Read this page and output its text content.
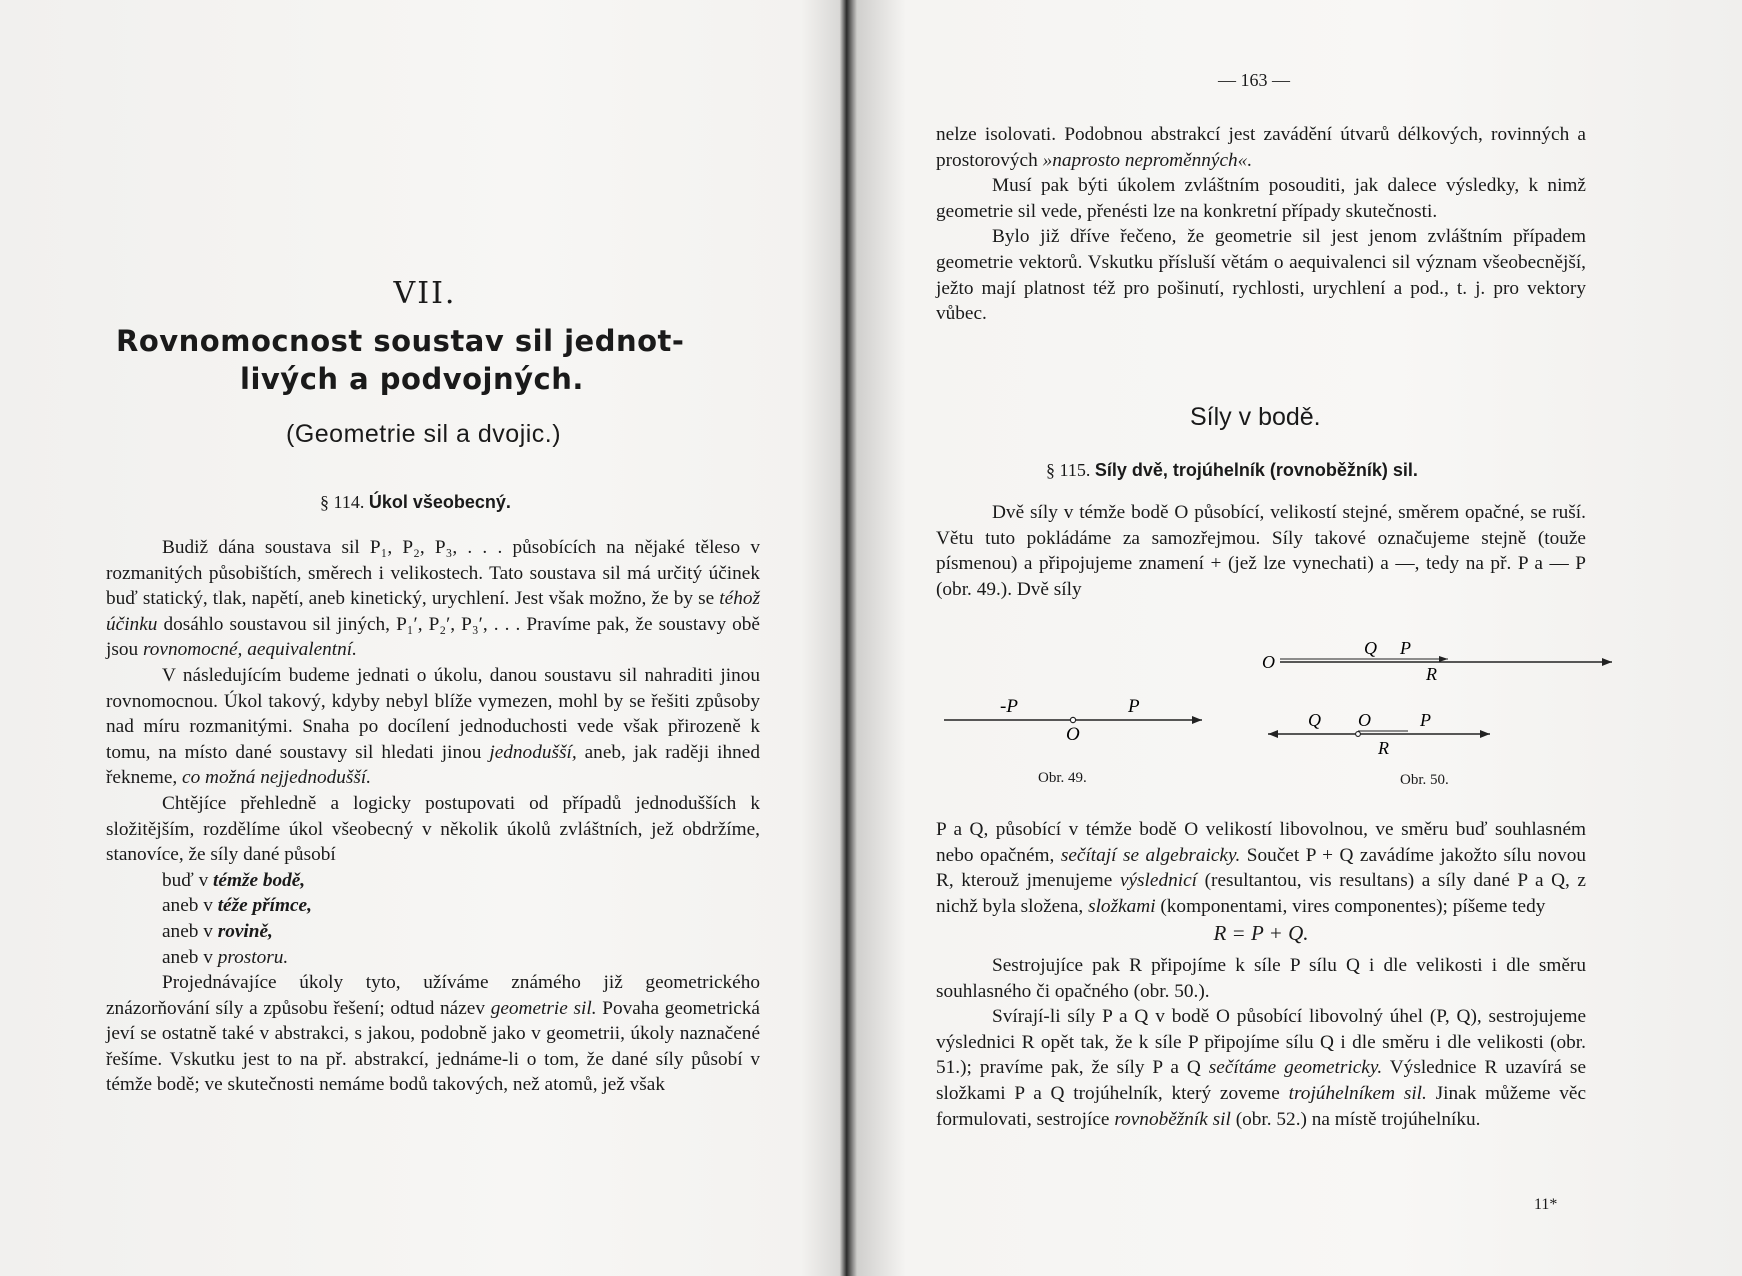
VII.
Rovnomocnost soustav sil jednot-
livých a podvojných.
(Geometrie sil a dvojic.)
§ 114. Úkol všeobecný.

Budiž dána soustava sil P₁, P₂, P₃, . . . působících na nějaké těleso v rozmanitých působištích, směrech i velikostech. Tato soustava sil má určitý účinek buď statický, tlak, napětí, aneb kinetický, urychlení. Jest však možno, že by se téhož účinku dosáhlo soustavou sil jiných, P₁′, P₂′, P₃′, . . . Pravíme pak, že soustavy obě jsou rovnomocné, aequivalentní.

V následujícím budeme jednati o úkolu, danou soustavu sil nahraditi jinou rovnomocnou. Úkol takový, kdyby nebyl blíže vymezen, mohl by se řešiti způsoby nad míru rozmanitými. Snaha po docílení jednoduchosti vede však přirozeně k tomu, na místo dané soustavy sil hledati jinou jednodušší, aneb, jak raději ihned řekneme, co možná nejjednodušší.

Chtějíce přehledně a logicky postupovati od případů jednodušších k složitějším, rozdělíme úkol všeobecný v několik úkolů zvláštních, jež obdržíme, stanovíce, že síly dané působí

buď v témže bodě,
aneb v téže přímce,
aneb v rovině,
aneb v prostoru.

Projednávajíce úkoly tyto, užíváme známého již geometrického znázorňování síly a způsobu řešení; odtud název geometrie sil. Povaha geometrická jeví se ostatně také v abstrakci, s jakou, podobně jako v geometrii, úkoly naznačené řešíme. Vskutku jest to na př. abstrakcí, jednáme-li o tom, že dané síly působí v témže bodě; ve skutečnosti nemáme bodů takových, než atomů, jež však

— 163 —

nelze isolovati. Podobnou abstrakcí jest zavádění útvarů délkových, rovinných a prostorových »naprosto neproměnných«.

Musí pak býti úkolem zvláštním posouditi, jak dalece výsledky, k nimž geometrie sil vede, přenésti lze na konkretní případy skutečnosti.

Bylo již dříve řečeno, že geometrie sil jest jenom zvláštním případem geometrie vektorů. Vskutku přísluší větám o aequivalenci sil význam všeobecnější, ježto mají platnost též pro pošinutí, rychlosti, urychlení a pod., t. j. pro vektory vůbec.

Síly v bodě.
§ 115. Síly dvě, trojúhelník (rovnoběžník) sil.

Dvě síly v témže bodě O působící, velikostí stejné, směrem opačné, se ruší. Větu tuto pokládáme za samozřejmou. Síly takové označujeme stejně (touže písmenou) a připojujeme znamení + (jež lze vynechati) a —, tedy na př. P a — P (obr. 49.). Dvě síly

-P	P
O
Obr. 49.
O
Q P
R
Q O	P
R
Obr. 50.

P a Q, působící v témže bodě O velikostí libovolnou, ve směru buď souhlasném nebo opačném, sečítají se algebraicky. Součet P + Q zavádíme jakožto sílu novou R, kterouž jmenujeme výslednicí (resultantou, vis resultans) a síly dané P a Q, z nichž byla složena, složkami (komponentami, vires componentes); píšeme tedy

R = P + Q.

Sestrojujíce pak R připojíme k síle P sílu Q i dle velikosti i dle směru souhlasného či opačného (obr. 50.).

Svírají-li síly P a Q v bodě O působící libovolný úhel (P, Q), sestrojujeme výslednici R opět tak, že k síle P připojíme sílu Q i dle směru i dle velikosti (obr. 51.); pravíme pak, že síly P a Q sečítáme geometricky. Výslednice R uzavírá se složkami P a Q trojúhelník, který zoveme trojúhelníkem sil. Jinak můžeme věc formulovati, sestrojíce rovnoběžník sil (obr. 52.) na místě trojúhelníku.

11*
